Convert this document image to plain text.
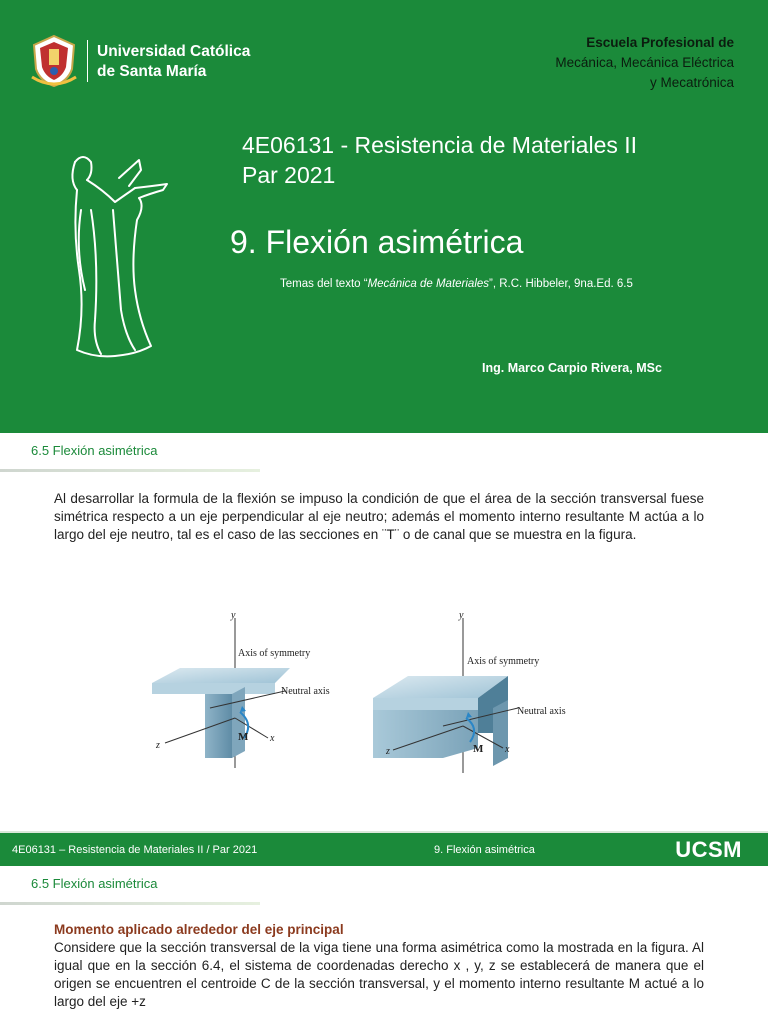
Universidad Católica
de Santa María
Escuela Profesional de
Mecánica, Mecánica Eléctrica
y Mecatrónica
4E06131 - Resistencia de Materiales II
Par 2021
9. Flexión asimétrica
Temas del texto “Mecánica de Materiales”, R.C. Hibbeler, 9na.Ed. 6.5
Ing. Marco Carpio Rivera, MSc
6.5 Flexión asimétrica
Al desarrollar la formula de la flexión se impuso la condición de que el área de la sección transversal fuese simétrica respecto a un eje perpendicular al eje neutro; además el momento interno resultante M actúa a lo largo del eje neutro, tal es el caso de las secciones en ¨T¨ o de canal que se muestra en la figura.
y
Axis of symmetry
Neutral axis
z
M x
y
Axis of symmetry
Neutral axis
z	M x
4E06131 – Resistencia de Materiales II / Par 2021	9. Flexión asimétrica	UCSM
6.5 Flexión asimétrica
Momento aplicado alrededor del eje principal
Considere que la sección transversal de la viga tiene una forma asimétrica como la mostrada en la figura. Al igual que en la sección 6.4, el sistema de coordenadas derecho x , y, z se establecerá de manera que el origen se encuentren el centroide C de la sección transversal, y el momento interno resultante M actué a lo largo del eje +z
